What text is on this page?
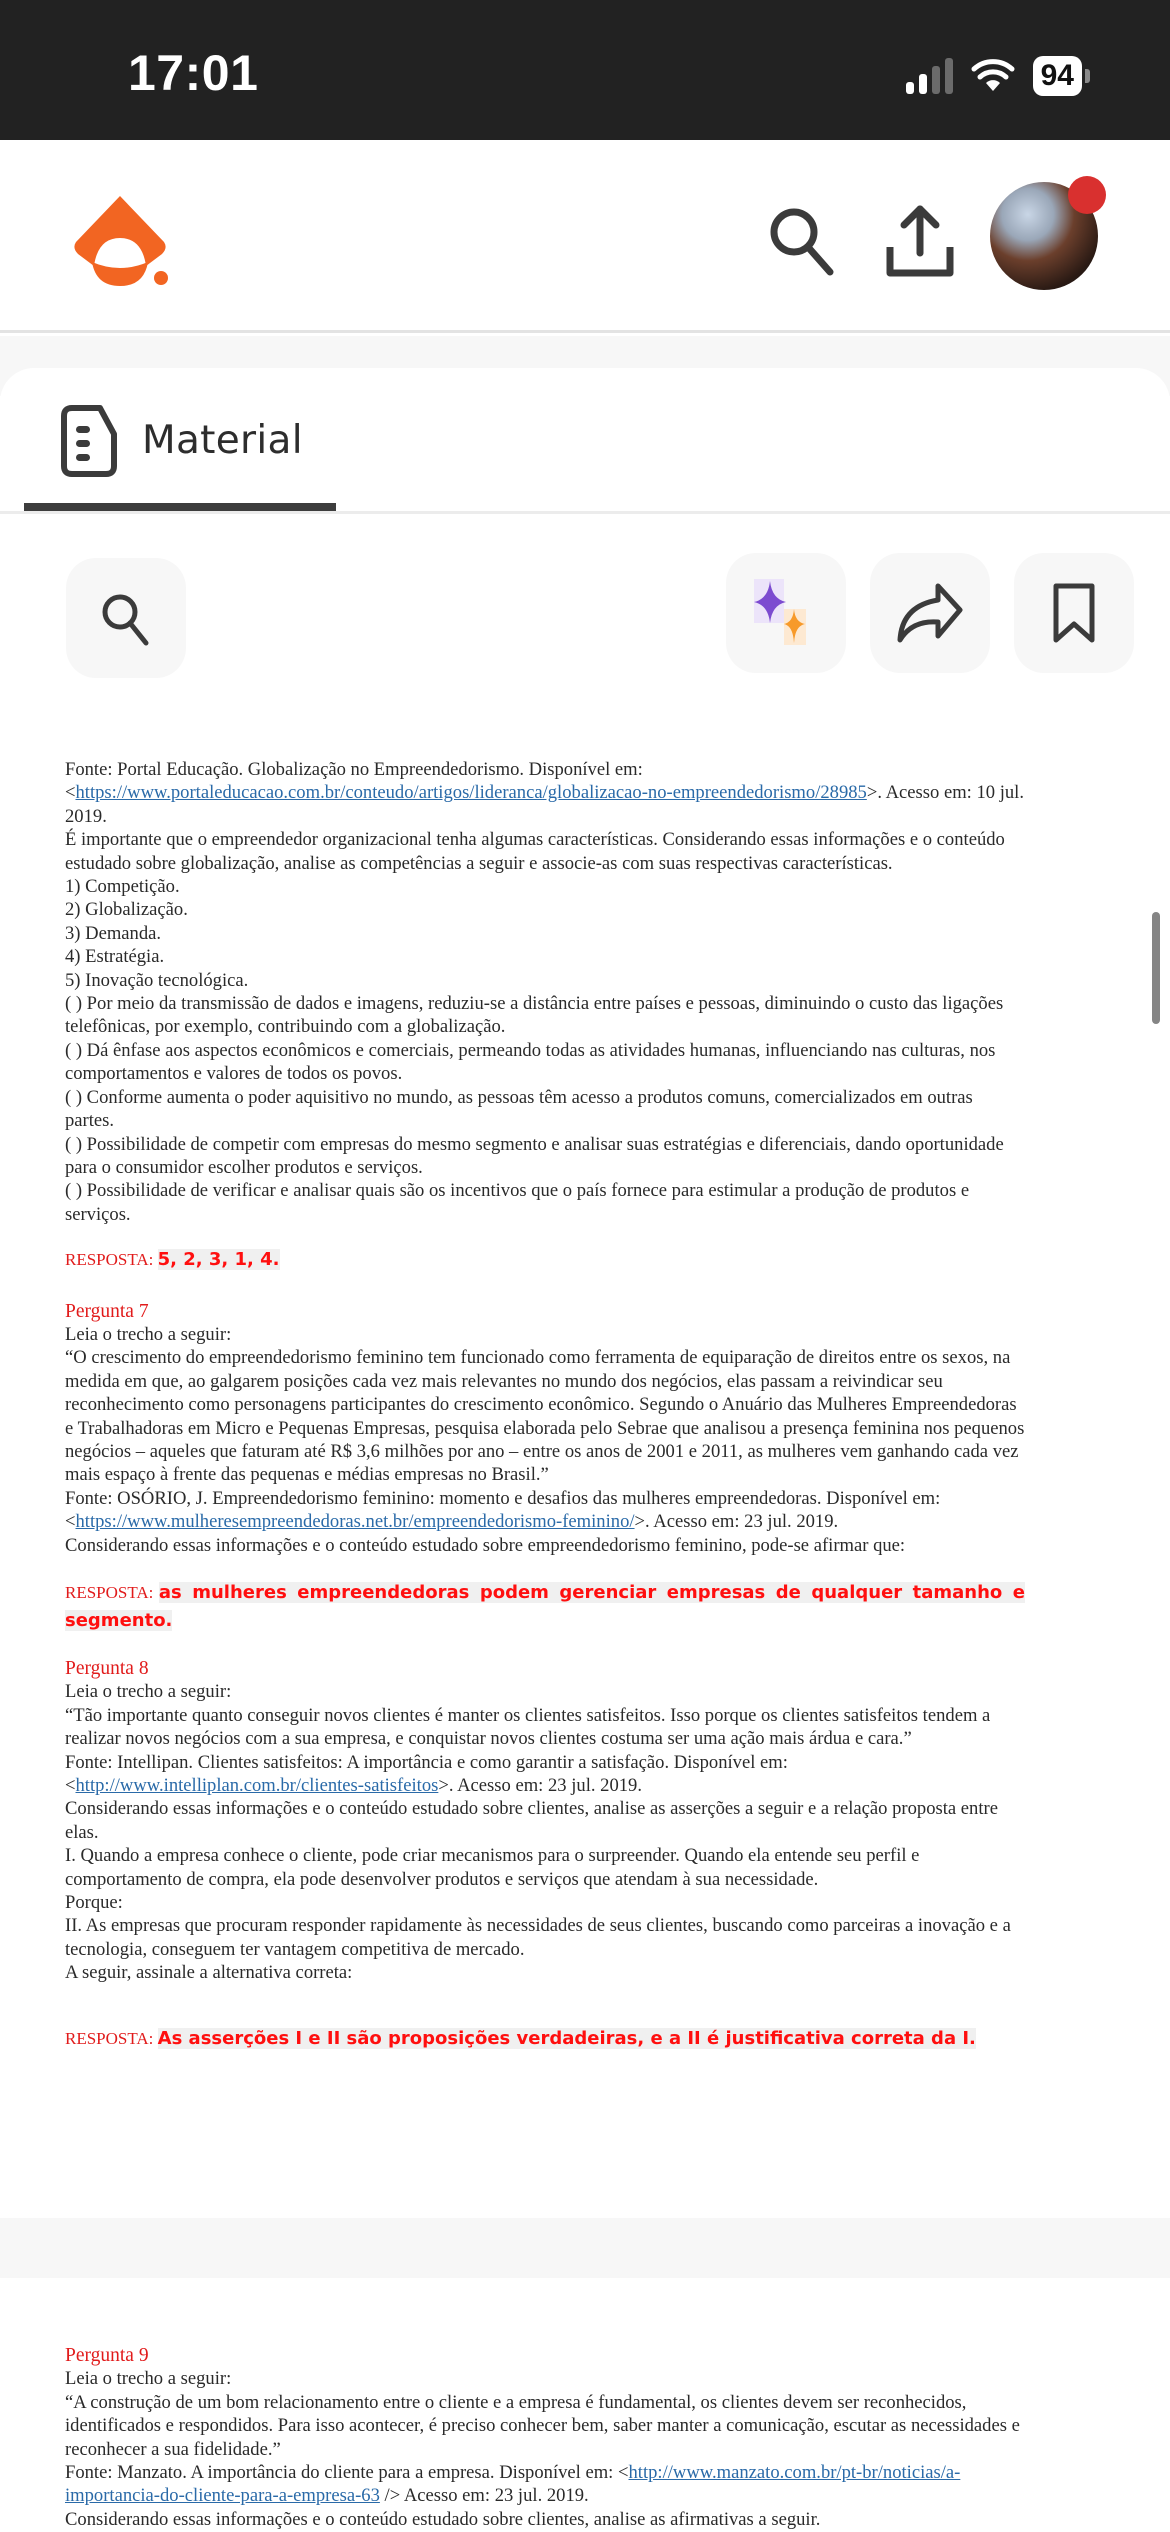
17:01	94
Material

Fonte: Portal Educação. Globalização no Empreendedorismo. Disponível em:
<https://www.portaleducacao.com.br/conteudo/artigos/lideranca/globalizacao-no-empreendedorismo/28985>. Acesso em: 10 jul. 2019.

É importante que o empreendedor organizacional tenha algumas características. Considerando essas informações e o conteúdo estudado sobre globalização, analise as competências a seguir e associe-as com suas respectivas características.

1) Competição.

2) Globalização.

3) Demanda.

4) Estratégia.

5) Inovação tecnológica.

( ) Por meio da transmissão de dados e imagens, reduziu-se a distância entre países e pessoas, diminuindo o custo das ligações telefônicas, por exemplo, contribuindo com a globalização.

( ) Dá ênfase aos aspectos econômicos e comerciais, permeando todas as atividades humanas, influenciando nas culturas, nos comportamentos e valores de todos os povos.

( ) Conforme aumenta o poder aquisitivo no mundo, as pessoas têm acesso a produtos comuns, comercializados em outras partes.

( ) Possibilidade de competir com empresas do mesmo segmento e analisar suas estratégias e diferenciais, dando oportunidade para o consumidor escolher produtos e serviços.

( ) Possibilidade de verificar e analisar quais são os incentivos que o país fornece para estimular a produção de produtos e serviços.

RESPOSTA: 5, 2, 3, 1, 4.

Pergunta 7

Leia o trecho a seguir:

“O crescimento do empreendedorismo feminino tem funcionado como ferramenta de equiparação de direitos entre os sexos, na medida em que, ao galgarem posições cada vez mais relevantes no mundo dos negócios, elas passam a reivindicar seu reconhecimento como personagens participantes do crescimento econômico. Segundo o Anuário das Mulheres Empreendedoras e Trabalhadoras em Micro e Pequenas Empresas, pesquisa elaborada pelo Sebrae que analisou a presença feminina nos pequenos negócios – aqueles que faturam até R$ 3,6 milhões por ano – entre os anos de 2001 e 2011, as mulheres vem ganhando cada vez mais espaço à frente das pequenas e médias empresas no Brasil.”

Fonte: OSÓRIO, J. Empreendedorismo feminino: momento e desafios das mulheres empreendedoras. Disponível em:<https://www.mulheresempreendedoras.net.br/empreendedorismo-feminino/>. Acesso em: 23 jul. 2019.

Considerando essas informações e o conteúdo estudado sobre empreendedorismo feminino, pode-se afirmar que:

RESPOSTA: as mulheres empreendedoras podem gerenciar empresas de qualquer tamanho e segmento.

Pergunta 8

Leia o trecho a seguir:

“Tão importante quanto conseguir novos clientes é manter os clientes satisfeitos. Isso porque os clientes satisfeitos tendem a realizar novos negócios com a sua empresa, e conquistar novos clientes costuma ser uma ação mais árdua e cara.”

Fonte: Intellipan. Clientes satisfeitos: A importância e como garantir a satisfação. Disponível em:
<http://www.intelliplan.com.br/clientes-satisfeitos>. Acesso em: 23 jul. 2019.

Considerando essas informações e o conteúdo estudado sobre clientes, analise as asserções a seguir e a relação proposta entre elas.

I. Quando a empresa conhece o cliente, pode criar mecanismos para o surpreender. Quando ela entende seu perfil e comportamento de compra, ela pode desenvolver produtos e serviços que atendam à sua necessidade.

Porque:

II. As empresas que procuram responder rapidamente às necessidades de seus clientes, buscando como parceiras a inovação e a tecnologia, conseguem ter vantagem competitiva de mercado.

A seguir, assinale a alternativa correta:

RESPOSTA: As asserções I e II são proposições verdadeiras, e a II é justificativa correta da I.

Pergunta 9

Leia o trecho a seguir:

“A construção de um bom relacionamento entre o cliente e a empresa é fundamental, os clientes devem ser reconhecidos, identificados e respondidos. Para isso acontecer, é preciso conhecer bem, saber manter a comunicação, escutar as necessidades e reconhecer a sua fidelidade.”

Fonte: Manzato. A importância do cliente para a empresa. Disponível em: <http://www.manzato.com.br/pt-br/noticias/a-importancia-do-cliente-para-a-empresa-63 /> Acesso em: 23 jul. 2019.

Considerando essas informações e o conteúdo estudado sobre clientes, analise as afirmativas a seguir.
